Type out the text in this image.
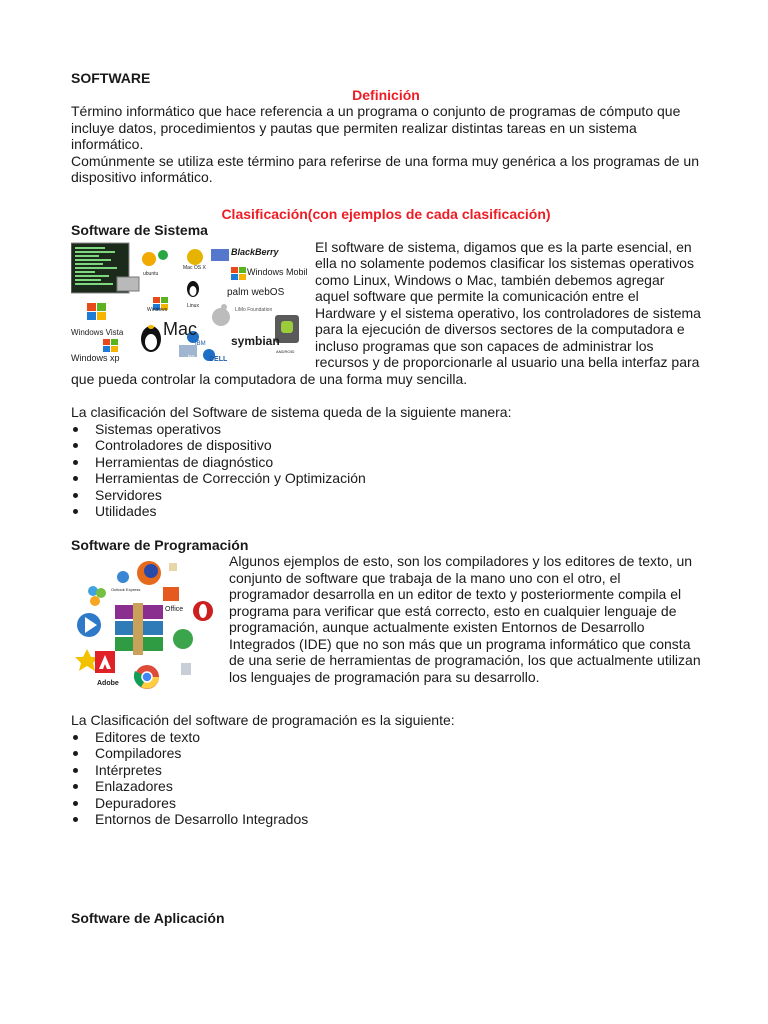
SOFTWARE

Definición

Término informático que hace referencia a un programa o conjunto de programas de cómputo que incluye datos, procedimientos y pautas que permiten realizar distintas tareas en un sistema informático.

Comúnmente se utiliza este término para referirse de una forma muy genérica a los programas de un dispositivo informático.

Clasificación(con ejemplos de cada clasificación)
Software de Sistema
BlackBerry
Windows Mobile
palm webOS
LiMo Foundation
symbian
Mac
Windows Vista
Windows xp
Linux
Windows
Mac OS X
ubuntu
DELL
IBM
hp
ANDROID

El software de sistema, digamos que es la parte esencial, en ella no solamente podemos clasificar los sistemas operativos como Linux, Windows o Mac, también debemos agregar aquel software que permite la comunicación entre el Hardware y el sistema operativo, los controladores de sistema para la ejecución de diversos sectores de la computadora e incluso programas que son capaces de administrar los recursos y de proporcionarle al usuario una bella interfaz para que pueda controlar la computadora de una forma muy sencilla.

La clasificación del Software de sistema queda de la siguiente manera:

Sistemas operativos
Controladores de dispositivo
Herramientas de diagnóstico
Herramientas de Corrección y Optimización
Servidores
Utilidades
Software de Programación
Adobe
Office
Outlook Express

Algunos ejemplos de esto, son los compiladores y los editores de texto, un conjunto de software que trabaja de la mano uno con el otro, el programador desarrolla en un editor de texto y posteriormente compila el programa para verificar que está correcto, esto en cualquier lenguaje de programación, aunque actualmente existen Entornos de Desarrollo Integrados (IDE) que no son más que un programa informático que consta de una serie de herramientas de programación, los que actualmente utilizan los lenguajes de programación para su desarrollo.

La Clasificación del software de programación es la siguiente:

Editores de texto
Compiladores
Intérpretes
Enlazadores
Depuradores
Entornos de Desarrollo Integrados
Software de Aplicación
